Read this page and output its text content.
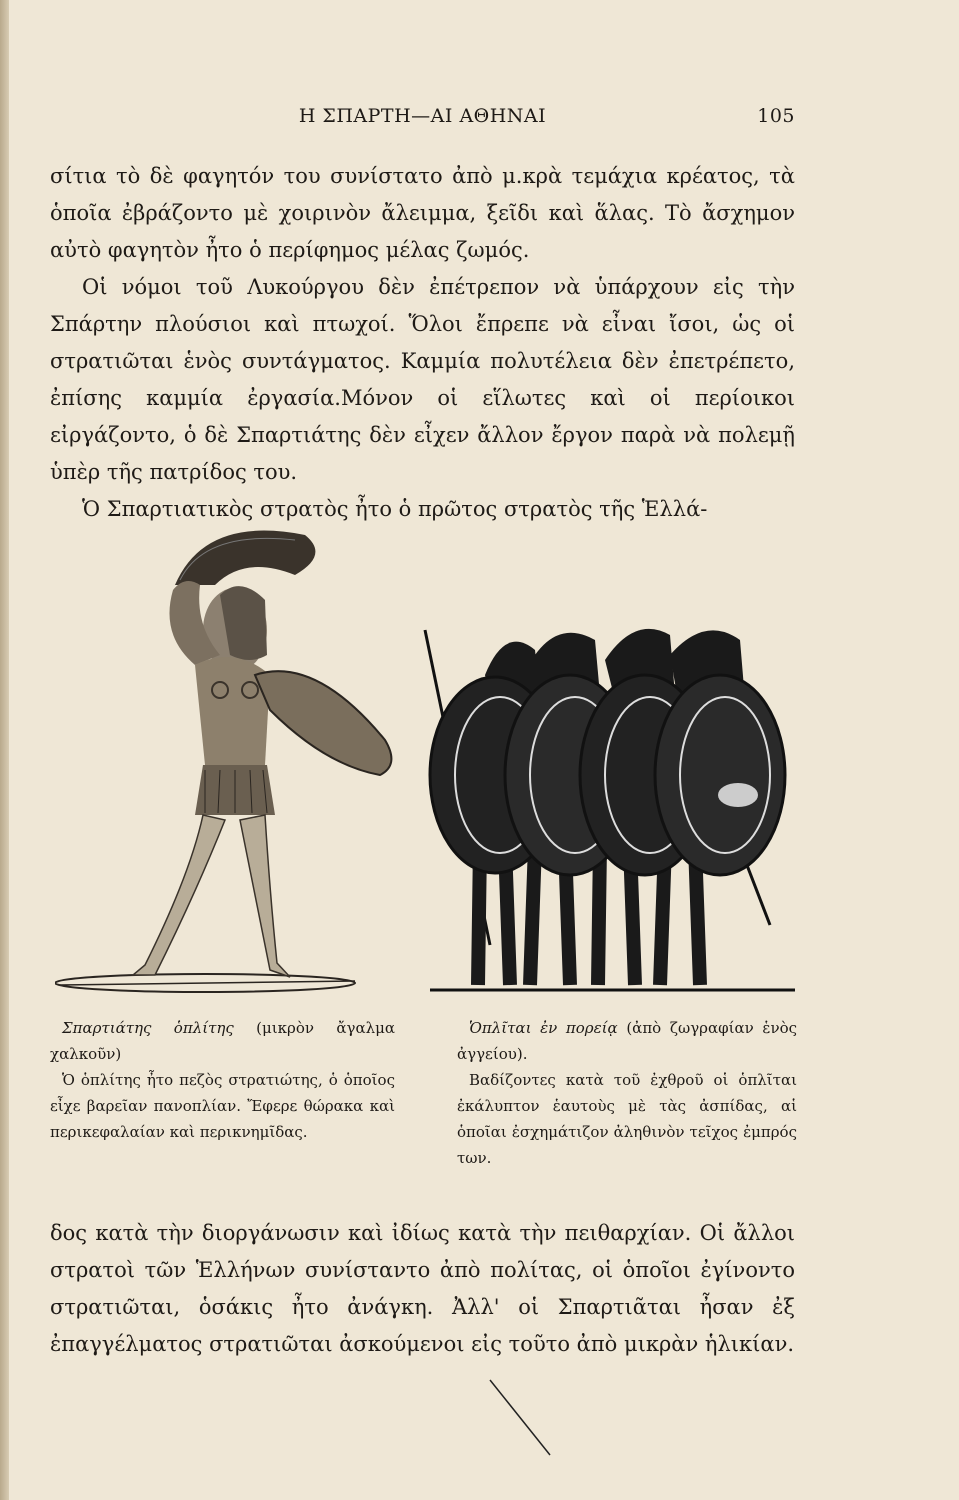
Η ΣΠΑΡΤΗ—ΑΙ ΑΘΗΝΑΙ	105

σίτια τὸ δὲ φαγητόν του συνίστατο ἀπὸ μ.κρὰ τεμάχια κρέατος, τὰ ὁποῖα ἐβράζοντο μὲ χοιρινὸν ἄλειμμα, ξεῖδι καὶ ἅλας. Τὸ ἄσχημον αὐτὸ φαγητὸν ἦτο ὁ περίφημος μέλας ζωμός.

Οἱ νόμοι τοῦ Λυκούργου δὲν ἐπέτρεπον νὰ ὑπάρχουν εἰς τὴν Σπάρτην πλούσιοι καὶ πτωχοί. Ὅλοι ἔπρεπε νὰ εἶναι ἴσοι, ὡς οἱ στρατιῶται ἑνὸς συντάγματος. Καμμία πολυτέλεια δὲν ἐπετρέπετο, ἐπίσης καμμία ἐργασία.Μόνον οἱ εἵλωτες καὶ οἱ περίοικοι εἰργάζοντο, ὁ δὲ Σπαρτιάτης δὲν εἶχεν ἄλλον ἔργον παρὰ νὰ πολεμῇ ὑπὲρ τῆς πατρίδος του.

Ὁ Σπαρτιατικὸς στρατὸς ἦτο ὁ πρῶτος στρατὸς τῆς Ἑλλά-

Σπαρτιάτης ὁπλίτης (μικρὸν ἄγαλμα χαλκοῦν)

Ὁ ὁπλίτης ἦτο πεζὸς στρατιώτης, ὁ ὁποῖος εἶχε βαρεῖαν πανοπλίαν. Ἔφερε θώρακα καὶ περικεφαλαίαν καὶ περικνημῖδας.

Ὁπλῖται ἐν πορείᾳ (ἀπὸ ζωγραφίαν ἑνὸς ἀγγείου).

Βαδίζοντες κατὰ τοῦ ἐχθροῦ οἱ ὁπλῖται ἐκάλυπτον ἑαυτοὺς μὲ τὰς ἀσπίδας, αἱ ὁποῖαι ἐσχημάτιζον ἀληθινὸν τεῖχος ἐμπρός των.

δος κατὰ τὴν διοργάνωσιν καὶ ἰδίως κατὰ τὴν πειθαρχίαν. Οἱ ἄλλοι στρατοὶ τῶν Ἑλλήνων συνίσταντο ἀπὸ πολίτας, οἱ ὁποῖοι ἐγίνοντο στρατιῶται, ὁσάκις ἦτο ἀνάγκη. Ἀλλ' οἱ Σπαρτιᾶται ἦσαν ἐξ ἐπαγγέλματος στρατιῶται ἀσκούμενοι εἰς τοῦτο ἀπὸ μικρὰν ἡλικίαν.
